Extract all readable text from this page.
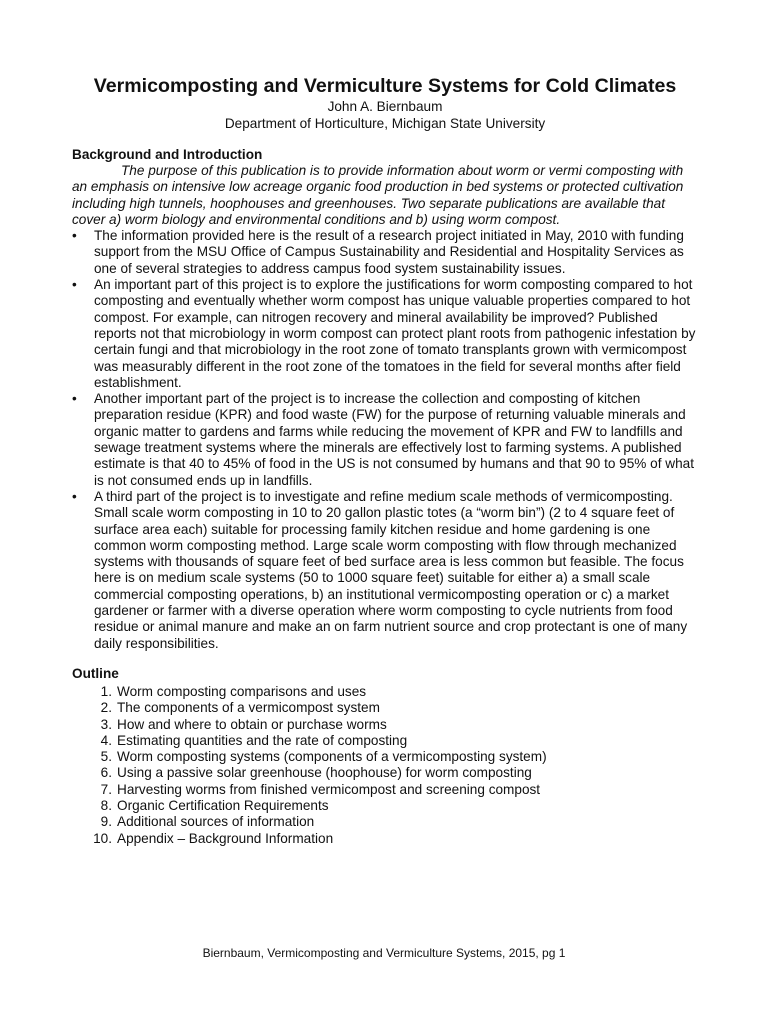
Vermicomposting and Vermiculture Systems for Cold Climates

John A. Biernbaum

Department of Horticulture, Michigan State University

Background and Introduction

The purpose of this publication is to provide information about worm or vermi composting with an emphasis on intensive low acreage organic food production in bed systems or protected cultivation including high tunnels, hoophouses and greenhouses. Two separate publications are available that cover a) worm biology and environmental conditions and b) using worm compost.

• The information provided here is the result of a research project initiated in May, 2010 with funding support from the MSU Office of Campus Sustainability and Residential and Hospitality Services as one of several strategies to address campus food system sustainability issues.
• An important part of this project is to explore the justifications for worm composting compared to hot composting and eventually whether worm compost has unique valuable properties compared to hot compost. For example, can nitrogen recovery and mineral availability be improved? Published reports not that microbiology in worm compost can protect plant roots from pathogenic infestation by certain fungi and that microbiology in the root zone of tomato transplants grown with vermicompost was measurably different in the root zone of the tomatoes in the field for several months after field establishment.
• Another important part of the project is to increase the collection and composting of kitchen preparation residue (KPR) and food waste (FW) for the purpose of returning valuable minerals and organic matter to gardens and farms while reducing the movement of KPR and FW to landfills and sewage treatment systems where the minerals are effectively lost to farming systems. A published estimate is that 40 to 45% of food in the US is not consumed by humans and that 90 to 95% of what is not consumed ends up in landfills.
• A third part of the project is to investigate and refine medium scale methods of vermicomposting. Small scale worm composting in 10 to 20 gallon plastic totes (a “worm bin”) (2 to 4 square feet of surface area each) suitable for processing family kitchen residue and home gardening is one common worm composting method. Large scale worm composting with flow through mechanized systems with thousands of square feet of bed surface area is less common but feasible. The focus here is on medium scale systems (50 to 1000 square feet) suitable for either a) a small scale commercial composting operations, b) an institutional vermicomposting operation or c) a market gardener or farmer with a diverse operation where worm composting to cycle nutrients from food residue or animal manure and make an on farm nutrient source and crop protectant is one of many daily responsibilities.
Outline
1. Worm composting comparisons and uses
2. The components of a vermicompost system
3. How and where to obtain or purchase worms
4. Estimating quantities and the rate of composting
5. Worm composting systems (components of a vermicomposting system)
6. Using a passive solar greenhouse (hoophouse) for worm composting
7. Harvesting worms from finished vermicompost and screening compost
8. Organic Certification Requirements
9. Additional sources of information
10. Appendix – Background Information
Biernbaum, Vermicomposting and Vermiculture Systems, 2015, pg 1
